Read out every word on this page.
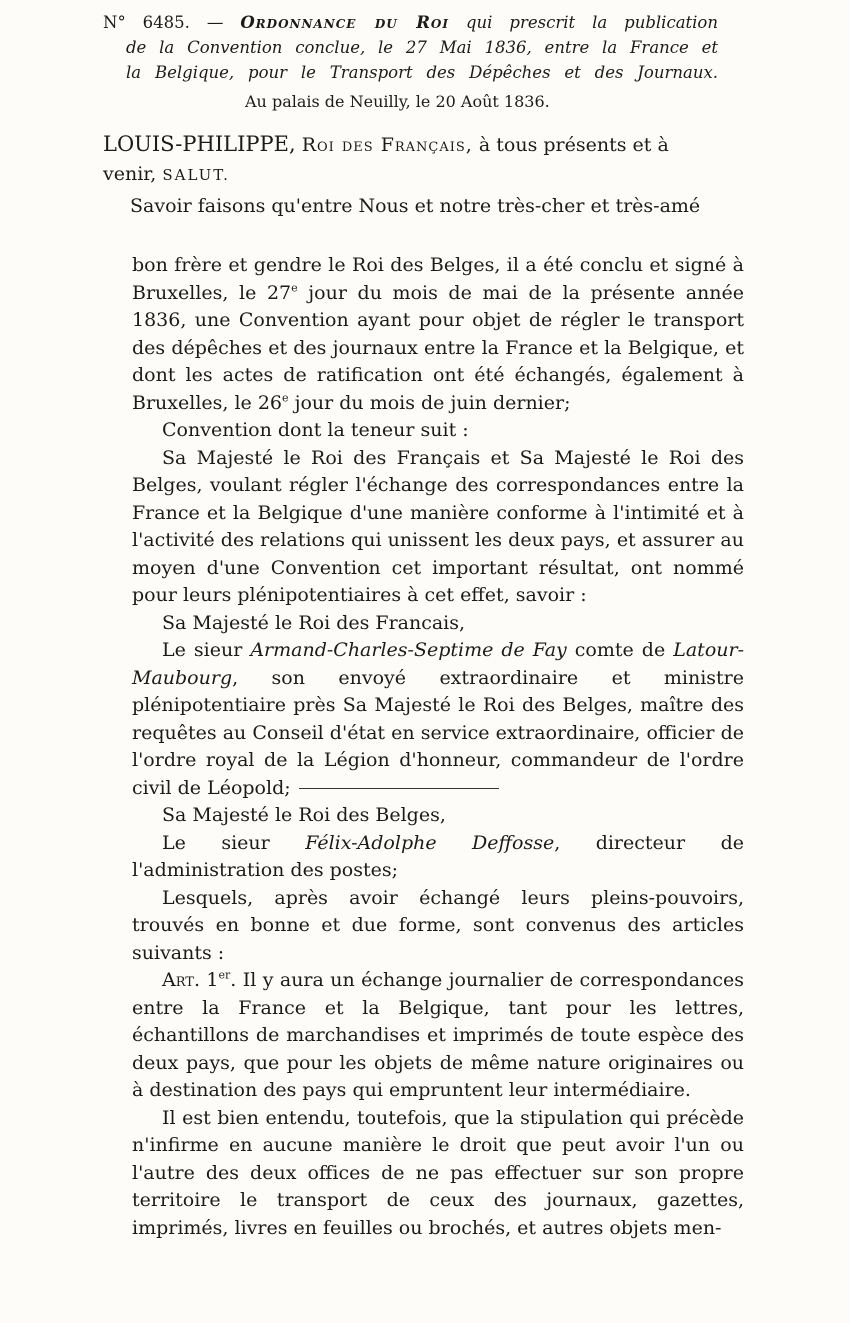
N° 6485. — Ordonnance du Roi qui prescrit la publication
de la Convention conclue, le 27 Mai 1836, entre la France et
la Belgique, pour le Transport des Dépêches et des Journaux.
Au palais de Neuilly, le 20 Août 1836.
LOUIS-PHILIPPE, Roi des Français, à tous présents et à venir, SALUT.
Savoir faisons qu'entre Nous et notre très-cher et très-amé

bon frère et gendre le Roi des Belges, il a été conclu et signé à Bruxelles, le 27e jour du mois de mai de la présente année 1836, une Convention ayant pour objet de régler le transport des dépêches et des journaux entre la France et la Belgique, et dont les actes de ratification ont été échangés, également à Bruxelles, le 26e jour du mois de juin dernier;

Convention dont la teneur suit :

Sa Majesté le Roi des Français et Sa Majesté le Roi des Belges, voulant régler l'échange des correspondances entre la France et la Belgique d'une manière conforme à l'intimité et à l'activité des relations qui unissent les deux pays, et assurer au moyen d'une Convention cet important résultat, ont nommé pour leurs plénipotentiaires à cet effet, savoir :

Sa Majesté le Roi des Francais,

Le sieur Armand-Charles-Septime de Fay comte de Latour-Maubourg, son envoyé extraordinaire et ministre plénipotentiaire près Sa Majesté le Roi des Belges, maître des requêtes au Conseil d'état en service extraordinaire, officier de l'ordre royal de la Légion d'honneur, commandeur de l'ordre civil de Léopold;

Sa Majesté le Roi des Belges,

Le sieur Félix-Adolphe Deffosse, directeur de l'administration des postes;

Lesquels, après avoir échangé leurs pleins-pouvoirs, trouvés en bonne et due forme, sont convenus des articles suivants :

Art. 1er. Il y aura un échange journalier de correspondances entre la France et la Belgique, tant pour les lettres, échantillons de marchandises et imprimés de toute espèce des deux pays, que pour les objets de même nature originaires ou à destination des pays qui empruntent leur intermédiaire.

Il est bien entendu, toutefois, que la stipulation qui précède n'infirme en aucune manière le droit que peut avoir l'un ou l'autre des deux offices de ne pas effectuer sur son propre territoire le transport de ceux des journaux, gazettes, imprimés, livres en feuilles ou brochés, et autres objets men-
